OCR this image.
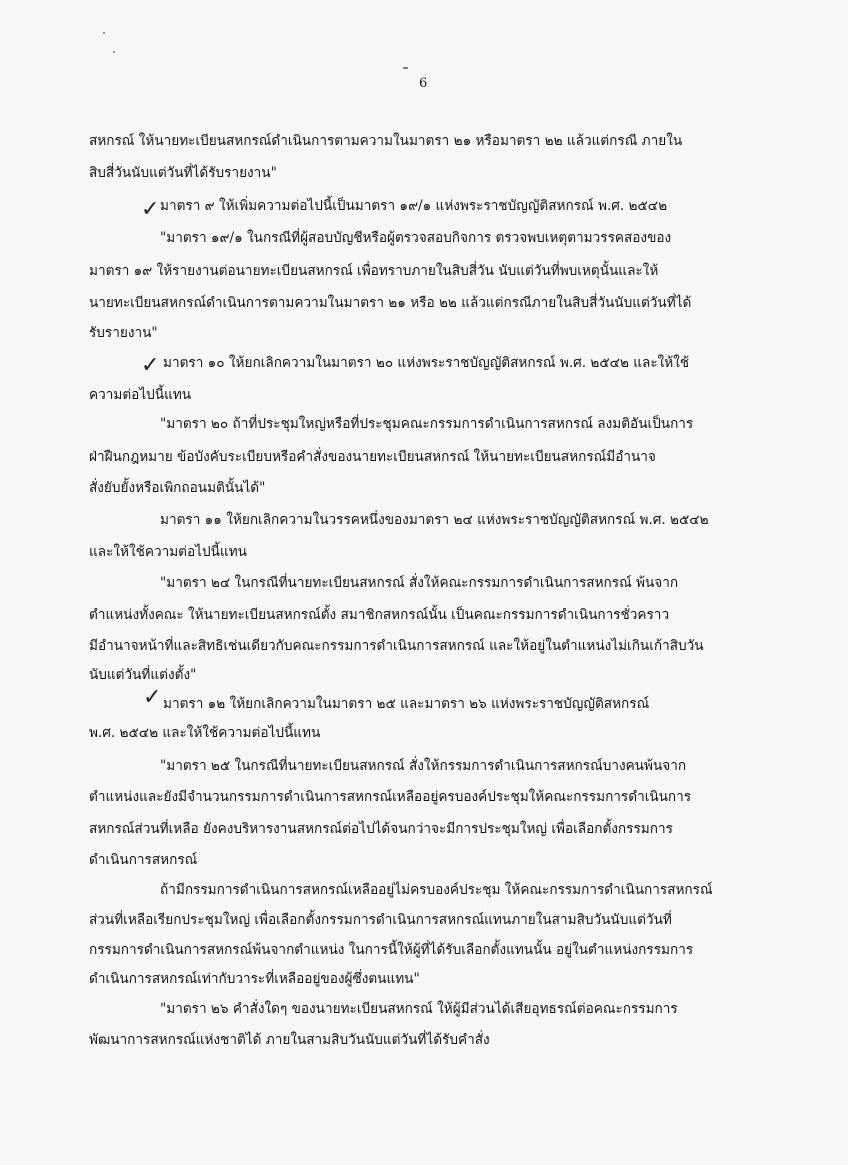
6
✓
✓
✓
สหกรณ์ ให้นายทะเบียนสหกรณ์ดำเนินการตามความในมาตรา ๒๑ หรือมาตรา ๒๒ แล้วแต่กรณี ภายใน
สิบสี่วันนับแต่วันที่ได้รับรายงาน"
มาตรา ๙ ให้เพิ่มความต่อไปนี้เป็นมาตรา ๑๙/๑ แห่งพระราชบัญญัติสหกรณ์ พ.ศ. ๒๕๔๒
"มาตรา ๑๙/๑ ในกรณีที่ผู้สอบบัญชีหรือผู้ตรวจสอบกิจการ ตรวจพบเหตุตามวรรคสองของ
มาตรา ๑๙ ให้รายงานต่อนายทะเบียนสหกรณ์ เพื่อทราบภายในสิบสี่วัน นับแต่วันที่พบเหตุนั้นและให้
นายทะเบียนสหกรณ์ดำเนินการตามความในมาตรา ๒๑ หรือ ๒๒ แล้วแต่กรณีภายในสิบสี่วันนับแต่วันที่ได้
รับรายงาน"
มาตรา ๑๐ ให้ยกเลิกความในมาตรา ๒๐ แห่งพระราชบัญญัติสหกรณ์ พ.ศ. ๒๕๔๒ และให้ใช้
ความต่อไปนี้แทน
"มาตรา ๒๐ ถ้าที่ประชุมใหญ่หรือที่ประชุมคณะกรรมการดำเนินการสหกรณ์ ลงมติอันเป็นการ
ฝ่าฝืนกฎหมาย ข้อบังคับระเบียบหรือคำสั่งของนายทะเบียนสหกรณ์ ให้นายทะเบียนสหกรณ์มีอำนาจ
สั่งยับยั้งหรือเพิกถอนมตินั้นได้"
มาตรา ๑๑ ให้ยกเลิกความในวรรคหนึ่งของมาตรา ๒๔ แห่งพระราชบัญญัติสหกรณ์ พ.ศ. ๒๕๔๒
และให้ใช้ความต่อไปนี้แทน
"มาตรา ๒๔ ในกรณีที่นายทะเบียนสหกรณ์ สั่งให้คณะกรรมการดำเนินการสหกรณ์ พ้นจาก
ตำแหน่งทั้งคณะ ให้นายทะเบียนสหกรณ์ตั้ง สมาชิกสหกรณ์นั้น เป็นคณะกรรมการดำเนินการชั่วคราว
มีอำนาจหน้าที่และสิทธิเช่นเดียวกับคณะกรรมการดำเนินการสหกรณ์ และให้อยู่ในตำแหน่งไม่เกินเก้าสิบวัน
นับแต่วันที่แต่งตั้ง"
มาตรา ๑๒ ให้ยกเลิกความในมาตรา ๒๕ และมาตรา ๒๖ แห่งพระราชบัญญัติสหกรณ์
พ.ศ. ๒๕๔๒ และให้ใช้ความต่อไปนี้แทน
"มาตรา ๒๕ ในกรณีที่นายทะเบียนสหกรณ์ สั่งให้กรรมการดำเนินการสหกรณ์บางคนพ้นจาก
ตำแหน่งและยังมีจำนวนกรรมการดำเนินการสหกรณ์เหลืออยู่ครบองค์ประชุมให้คณะกรรมการดำเนินการ
สหกรณ์ส่วนที่เหลือ ยังคงบริหารงานสหกรณ์ต่อไปได้จนกว่าจะมีการประชุมใหญ่ เพื่อเลือกตั้งกรรมการ
ดำเนินการสหกรณ์
ถ้ามีกรรมการดำเนินการสหกรณ์เหลืออยู่ไม่ครบองค์ประชุม ให้คณะกรรมการดำเนินการสหกรณ์
ส่วนที่เหลือเรียกประชุมใหญ่ เพื่อเลือกตั้งกรรมการดำเนินการสหกรณ์แทนภายในสามสิบวันนับแต่วันที่
กรรมการดำเนินการสหกรณ์พ้นจากตำแหน่ง ในการนี้ให้ผู้ที่ได้รับเลือกตั้งแทนนั้น อยู่ในตำแหน่งกรรมการ
ดำเนินการสหกรณ์เท่ากับวาระที่เหลืออยู่ของผู้ซึ่งตนแทน"
"มาตรา ๒๖ คำสั่งใดๆ ของนายทะเบียนสหกรณ์ ให้ผู้มีส่วนได้เสียอุทธรณ์ต่อคณะกรรมการ
พัฒนาการสหกรณ์แห่งชาติได้ ภายในสามสิบวันนับแต่วันที่ได้รับคำสั่ง
